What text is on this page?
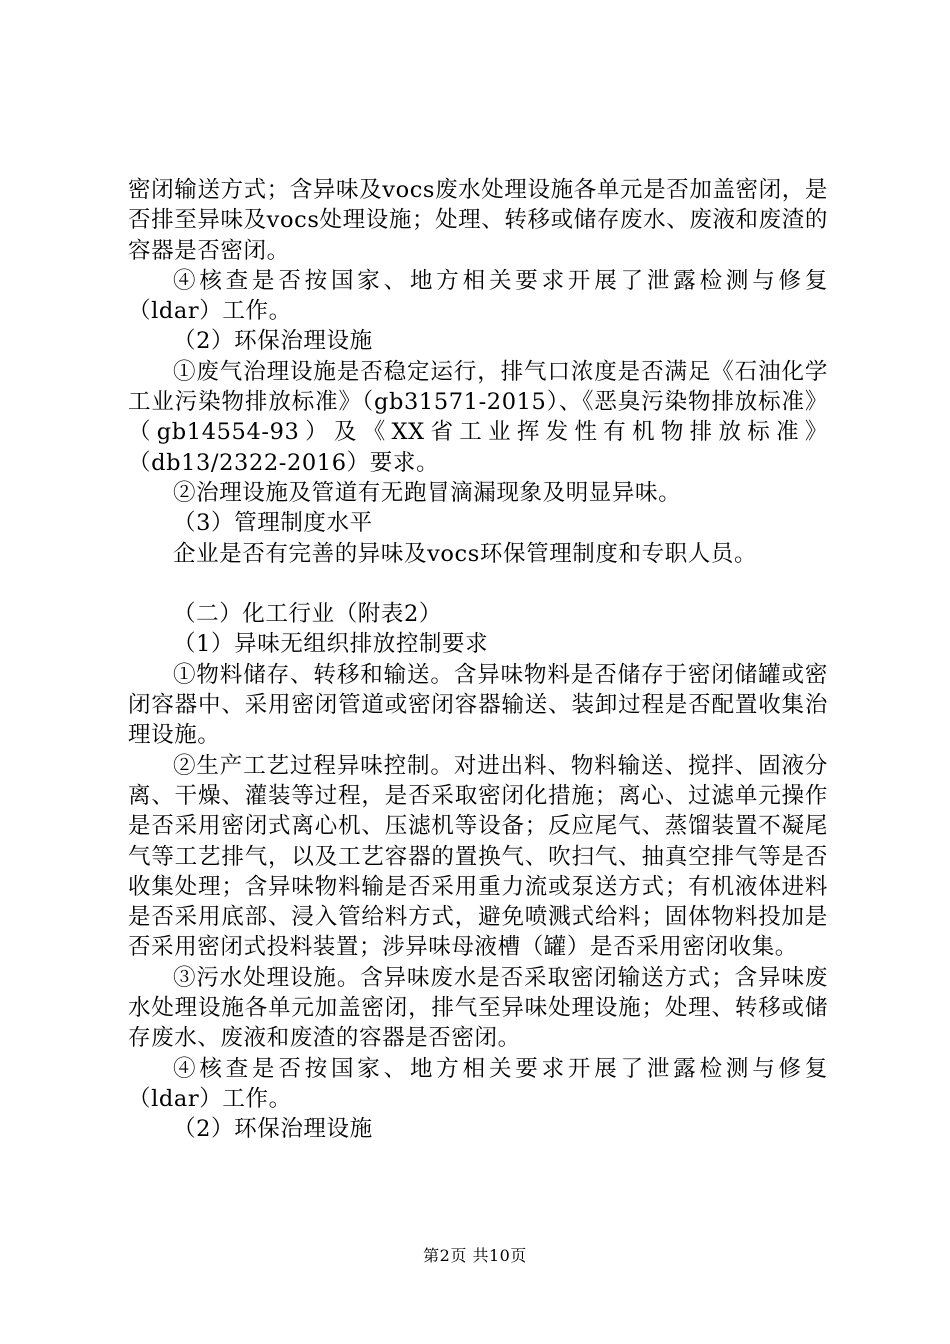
密闭输送方式；含异味及vocs废水处理设施各单元是否加盖密闭，是否排至异味及vocs处理设施；处理、转移或储存废水、废液和废渣的容器是否密闭。

④核查是否按国家、地方相关要求开展了泄露检测与修复（ldar）工作。

（2）环保治理设施

①废气治理设施是否稳定运行，排气口浓度是否满足《石油化学工业污染物排放标准》（gb31571-2015）、《恶臭污染物排放标准》（gb14554-93）及《XX省工业挥发性有机物排放标准》（db13/2322-2016）要求。

②治理设施及管道有无跑冒滴漏现象及明显异味。

（3）管理制度水平

企业是否有完善的异味及vocs环保管理制度和专职人员。

（二）化工行业（附表2）

（1）异味无组织排放控制要求

①物料储存、转移和输送。含异味物料是否储存于密闭储罐或密闭容器中、采用密闭管道或密闭容器输送、装卸过程是否配置收集治理设施。

②生产工艺过程异味控制。对进出料、物料输送、搅拌、固液分离、干燥、灌装等过程，是否采取密闭化措施；离心、过滤单元操作是否采用密闭式离心机、压滤机等设备；反应尾气、蒸馏装置不凝尾气等工艺排气，以及工艺容器的置换气、吹扫气、抽真空排气等是否收集处理；含异味物料输是否采用重力流或泵送方式；有机液体进料是否采用底部、浸入管给料方式，避免喷溅式给料；固体物料投加是否采用密闭式投料装置；涉异味母液槽（罐）是否采用密闭收集。

③污水处理设施。含异味废水是否采取密闭输送方式；含异味废水处理设施各单元加盖密闭，排气至异味处理设施；处理、转移或储存废水、废液和废渣的容器是否密闭。

④核查是否按国家、地方相关要求开展了泄露检测与修复（ldar）工作。

（2）环保治理设施

第2页 共10页
